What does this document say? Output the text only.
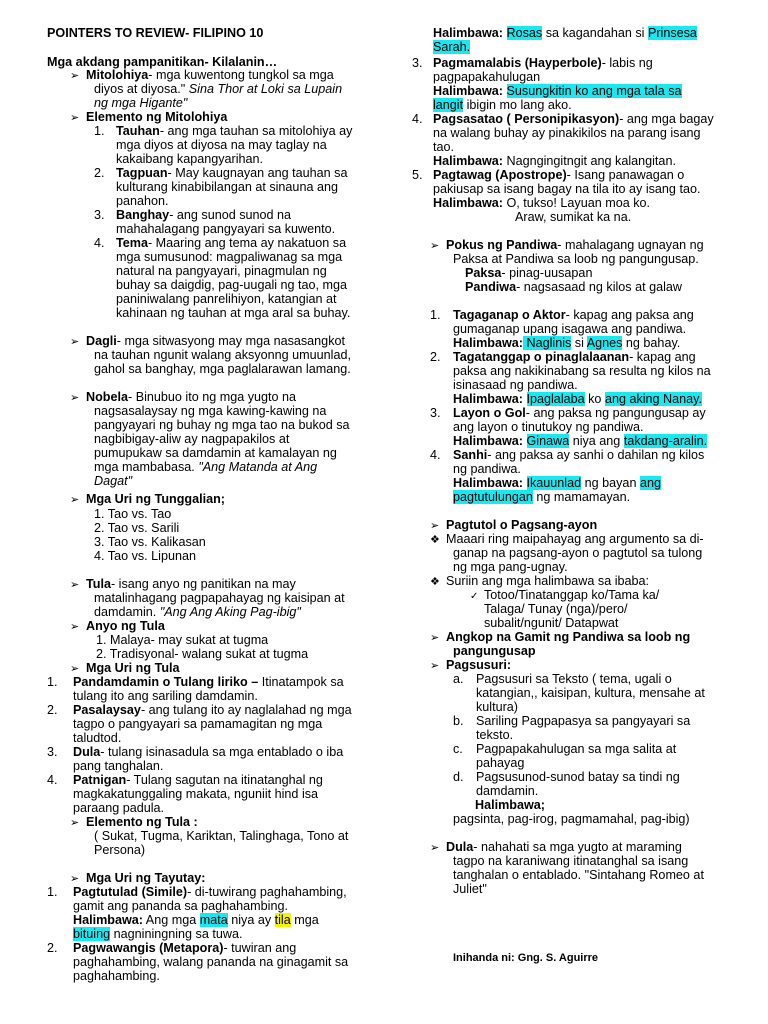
POINTERS TO REVIEW- FILIPINO 10
Mga akdang pampanitikan- Kilalanin…
➢ Mitolohiya- mga kuwentong tungkol sa mga
diyos at diyosa." Sina Thor at Loki sa Lupain
ng mga Higante"
➢ Elemento ng Mitolohiya
1. Tauhan- ang mga tauhan sa mitolohiya ay
mga diyos at diyosa na may taglay na
kakaibang kapangyarihan.
2. Tagpuan- May kaugnayan ang tauhan sa
kulturang kinabibilangan at sinauna ang
panahon.
3. Banghay- ang sunod sunod na
mahahalagang pangyayari sa kuwento.
4. Tema- Maaring ang tema ay nakatuon sa
mga sumusunod: magpaliwanag sa mga
natural na pangyayari, pinagmulan ng
buhay sa daigdig, pag-uugali ng tao, mga
paniniwalang panrelihiyon, katangian at
kahinaan ng tauhan at mga aral sa buhay.
➢ Dagli- mga sitwasyong may mga nasasangkot
na tauhan ngunit walang aksyonng umuunlad,
gahol sa banghay, mga paglalarawan lamang.
➢ Nobela- Binubuo ito ng mga yugto na
nagsasalaysay ng mga kawing-kawing na
pangyayari ng buhay ng mga tao na bukod sa
nagbibigay-aliw ay nagpapakilos at
pumupukaw sa damdamin at kamalayan ng
mga mambabasa. "Ang Matanda at Ang
Dagat"
➢ Mga Uri ng Tunggalian;
1. Tao vs. Tao
2. Tao vs. Sarili
3. Tao vs. Kalikasan
4. Tao vs. Lipunan
➢ Tula- isang anyo ng panitikan na may
matalinhagang pagpapahayag ng kaisipan at
damdamin. "Ang Ang Aking Pag-ibig"
➢ Anyo ng Tula
1. Malaya- may sukat at tugma
2. Tradisyonal- walang sukat at tugma
➢ Mga Uri ng Tula
1. Pandamdamin o Tulang liriko – Itinatampok sa
tulang ito ang sariling damdamin.
2. Pasalaysay- ang tulang ito ay naglalahad ng mga
tagpo o pangyayari sa pamamagitan ng mga
taludtod.
3. Dula- tulang isinasadula sa mga entablado o iba
pang tanghalan.
4. Patnigan- Tulang sagutan na itinatanghal ng
magkakatunggaling makata, nguniit hind isa
paraang padula.
➢ Elemento ng Tula :
( Sukat, Tugma, Kariktan, Talinghaga, Tono at
Persona)
➢ Mga Uri ng Tayutay:
1. Pagtutulad (Simile)- di-tuwirang paghahambing,
gamit ang pananda sa paghahambing.
Halimbawa: Ang mga mata niya ay tila mga
bituing nagniningning sa tuwa.
2. Pagwawangis (Metapora)- tuwiran ang
paghahambing, walang pananda na ginagamit sa
paghahambing.
Halimbawa: Rosas sa kagandahan si Prinsesa
Sarah.
3. Pagmamalabis (Hayperbole)- labis ng
pagpapakahulugan
Halimbawa: Susungkitin ko ang mga tala sa
langit ibigin mo lang ako.
4. Pagsasatao ( Personipikasyon)- ang mga bagay
na walang buhay ay pinakikilos na parang isang
tao.
Halimbawa: Nagngingitngit ang kalangitan.
5. Pagtawag (Apostrope)- Isang panawagan o
pakiusap sa isang bagay na tila ito ay isang tao.
Halimbawa: O, tukso! Layuan moa ko.
Araw, sumikat ka na.
➢ Pokus ng Pandiwa- mahalagang ugnayan ng
Paksa at Pandiwa sa loob ng pangungusap.
Paksa- pinag-uusapan
Pandiwa- nagsasaad ng kilos at galaw
1. Tagaganap o Aktor- kapag ang paksa ang
gumaganap upang isagawa ang pandiwa.
Halimbawa: Naglinis si Agnes ng bahay.
2. Tagatanggap o pinaglalaanan- kapag ang
paksa ang nakikinabang sa resulta ng kilos na
isinasaad ng pandiwa.
Halimbawa: Ipaglalaba ko ang aking Nanay.
3. Layon o Gol- ang paksa ng pangungusap ay
ang layon o tinutukoy ng pandiwa.
Halimbawa: Ginawa niya ang takdang-aralin.
4. Sanhi- ang paksa ay sanhi o dahilan ng kilos
ng pandiwa.
Halimbawa: Ikauunlad ng bayan ang
pagtutulungan ng mamamayan.
➢ Pagtutol o Pagsang-ayon
❖ Maaari ring maipahayag ang argumento sa di-
ganap na pagsang-ayon o pagtutol sa tulong
ng mga pang-ugnay.
❖ Suriin ang mga halimbawa sa ibaba:
✓ Totoo/Tinatanggap ko/Tama ka/
Talaga/ Tunay (nga)/pero/
subalit/ngunit/ Datapwat
➢ Angkop na Gamit ng Pandiwa sa loob ng
pangungusap
➢ Pagsusuri:
a. Pagsusuri sa Teksto ( tema, ugali o
katangian,, kaisipan, kultura, mensahe at
kultura)
b. Sariling Pagpapasya sa pangyayari sa
teksto.
c. Pagpapakahulugan sa mga salita at
pahayag
d. Pagsusunod-sunod batay sa tindi ng
damdamin.
Halimbawa;
pagsinta, pag-irog, pagmamahal, pag-ibig)
➢ Dula- nahahati sa mga yugto at maraming
tagpo na karaniwang itinatanghal sa isang
tanghalan o entablado. "Sintahang Romeo at
Juliet"
Inihanda ni: Gng. S. Aguirre
